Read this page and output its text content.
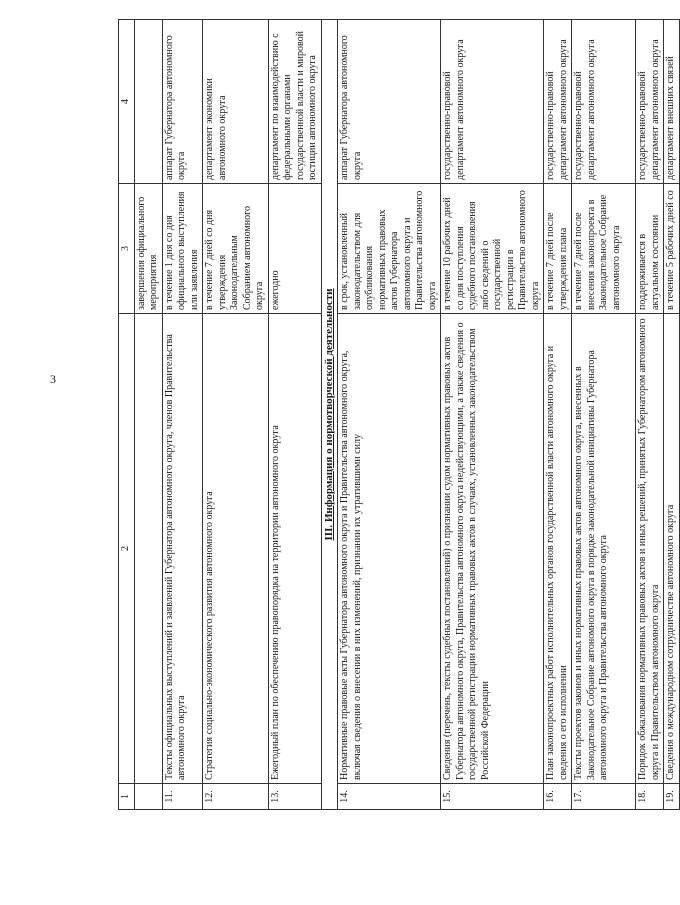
3
1	2	3	4
		завершения официального мероприятия	
11.	Тексты официальных выступлений и заявлений Губернатора автономного округа, членов Правительства автономного округа	в течение 1 дня со дня официального выступления или заявления	аппарат Губернатора автономного округа
12.	Стратегия социально-экономического развития автономного округа	в течение 7 дней со дня утверждения Законодательным Собранием автономного округа	департамент экономики автономного округа
13.	Ежегодный план по обеспечению правопорядка на территории автономного округа	ежегодно	департамент по взаимодействию с федеральными органами государственной власти и мировой юстиции автономного округа
III. Информация о нормотворческой деятельности			
14.	Нормативные правовые акты Губернатора автономного округа и Правительства автономного округа, включая сведения о внесении в них изменений, признании их утратившими силу	в срок, установленный законодательством для опубликования нормативных правовых актов Губернатора автономного округа и Правительства автономного округа	аппарат Губернатора автономного округа
15.	Сведения (перечень, тексты судебных постановлений) о признании судом нормативных правовых актов Губернатора автономного округа, Правительства автономного округа недействующими, а также сведения о государственной регистрации нормативных правовых актов в случаях, установленных законодательством Российской Федерации	в течение 10 рабочих дней со дня поступления судебного постановления либо сведений о государственной регистрации в Правительство автономного округа	государственно-правовой департамент автономного округа
16.	План законопроектных работ исполнительных органов государственной власти автономного округа и сведения о его исполнении	в течение 7 дней после утверждения плана	государственно-правовой департамент автономного округа
17.	Тексты проектов законов и иных нормативных правовых актов автономного округа, внесенных в Законодательное Собрание автономного округа в порядке законодательной инициативы Губернатора автономного округа и Правительства автономного округа	в течение 7 дней после внесения законопроекта в Законодательное Собрание автономного округа	государственно-правовой департамент автономного округа
18.	Порядок обжалования нормативных правовых актов и иных решений, принятых Губернатором автономного округа и Правительством автономного округа	поддерживается в актуальном состоянии	государственно-правовой департамент автономного округа
19.	Сведения о международном сотрудничестве автономного округа	в течение 5 рабочих дней со	департамент внешних связей
